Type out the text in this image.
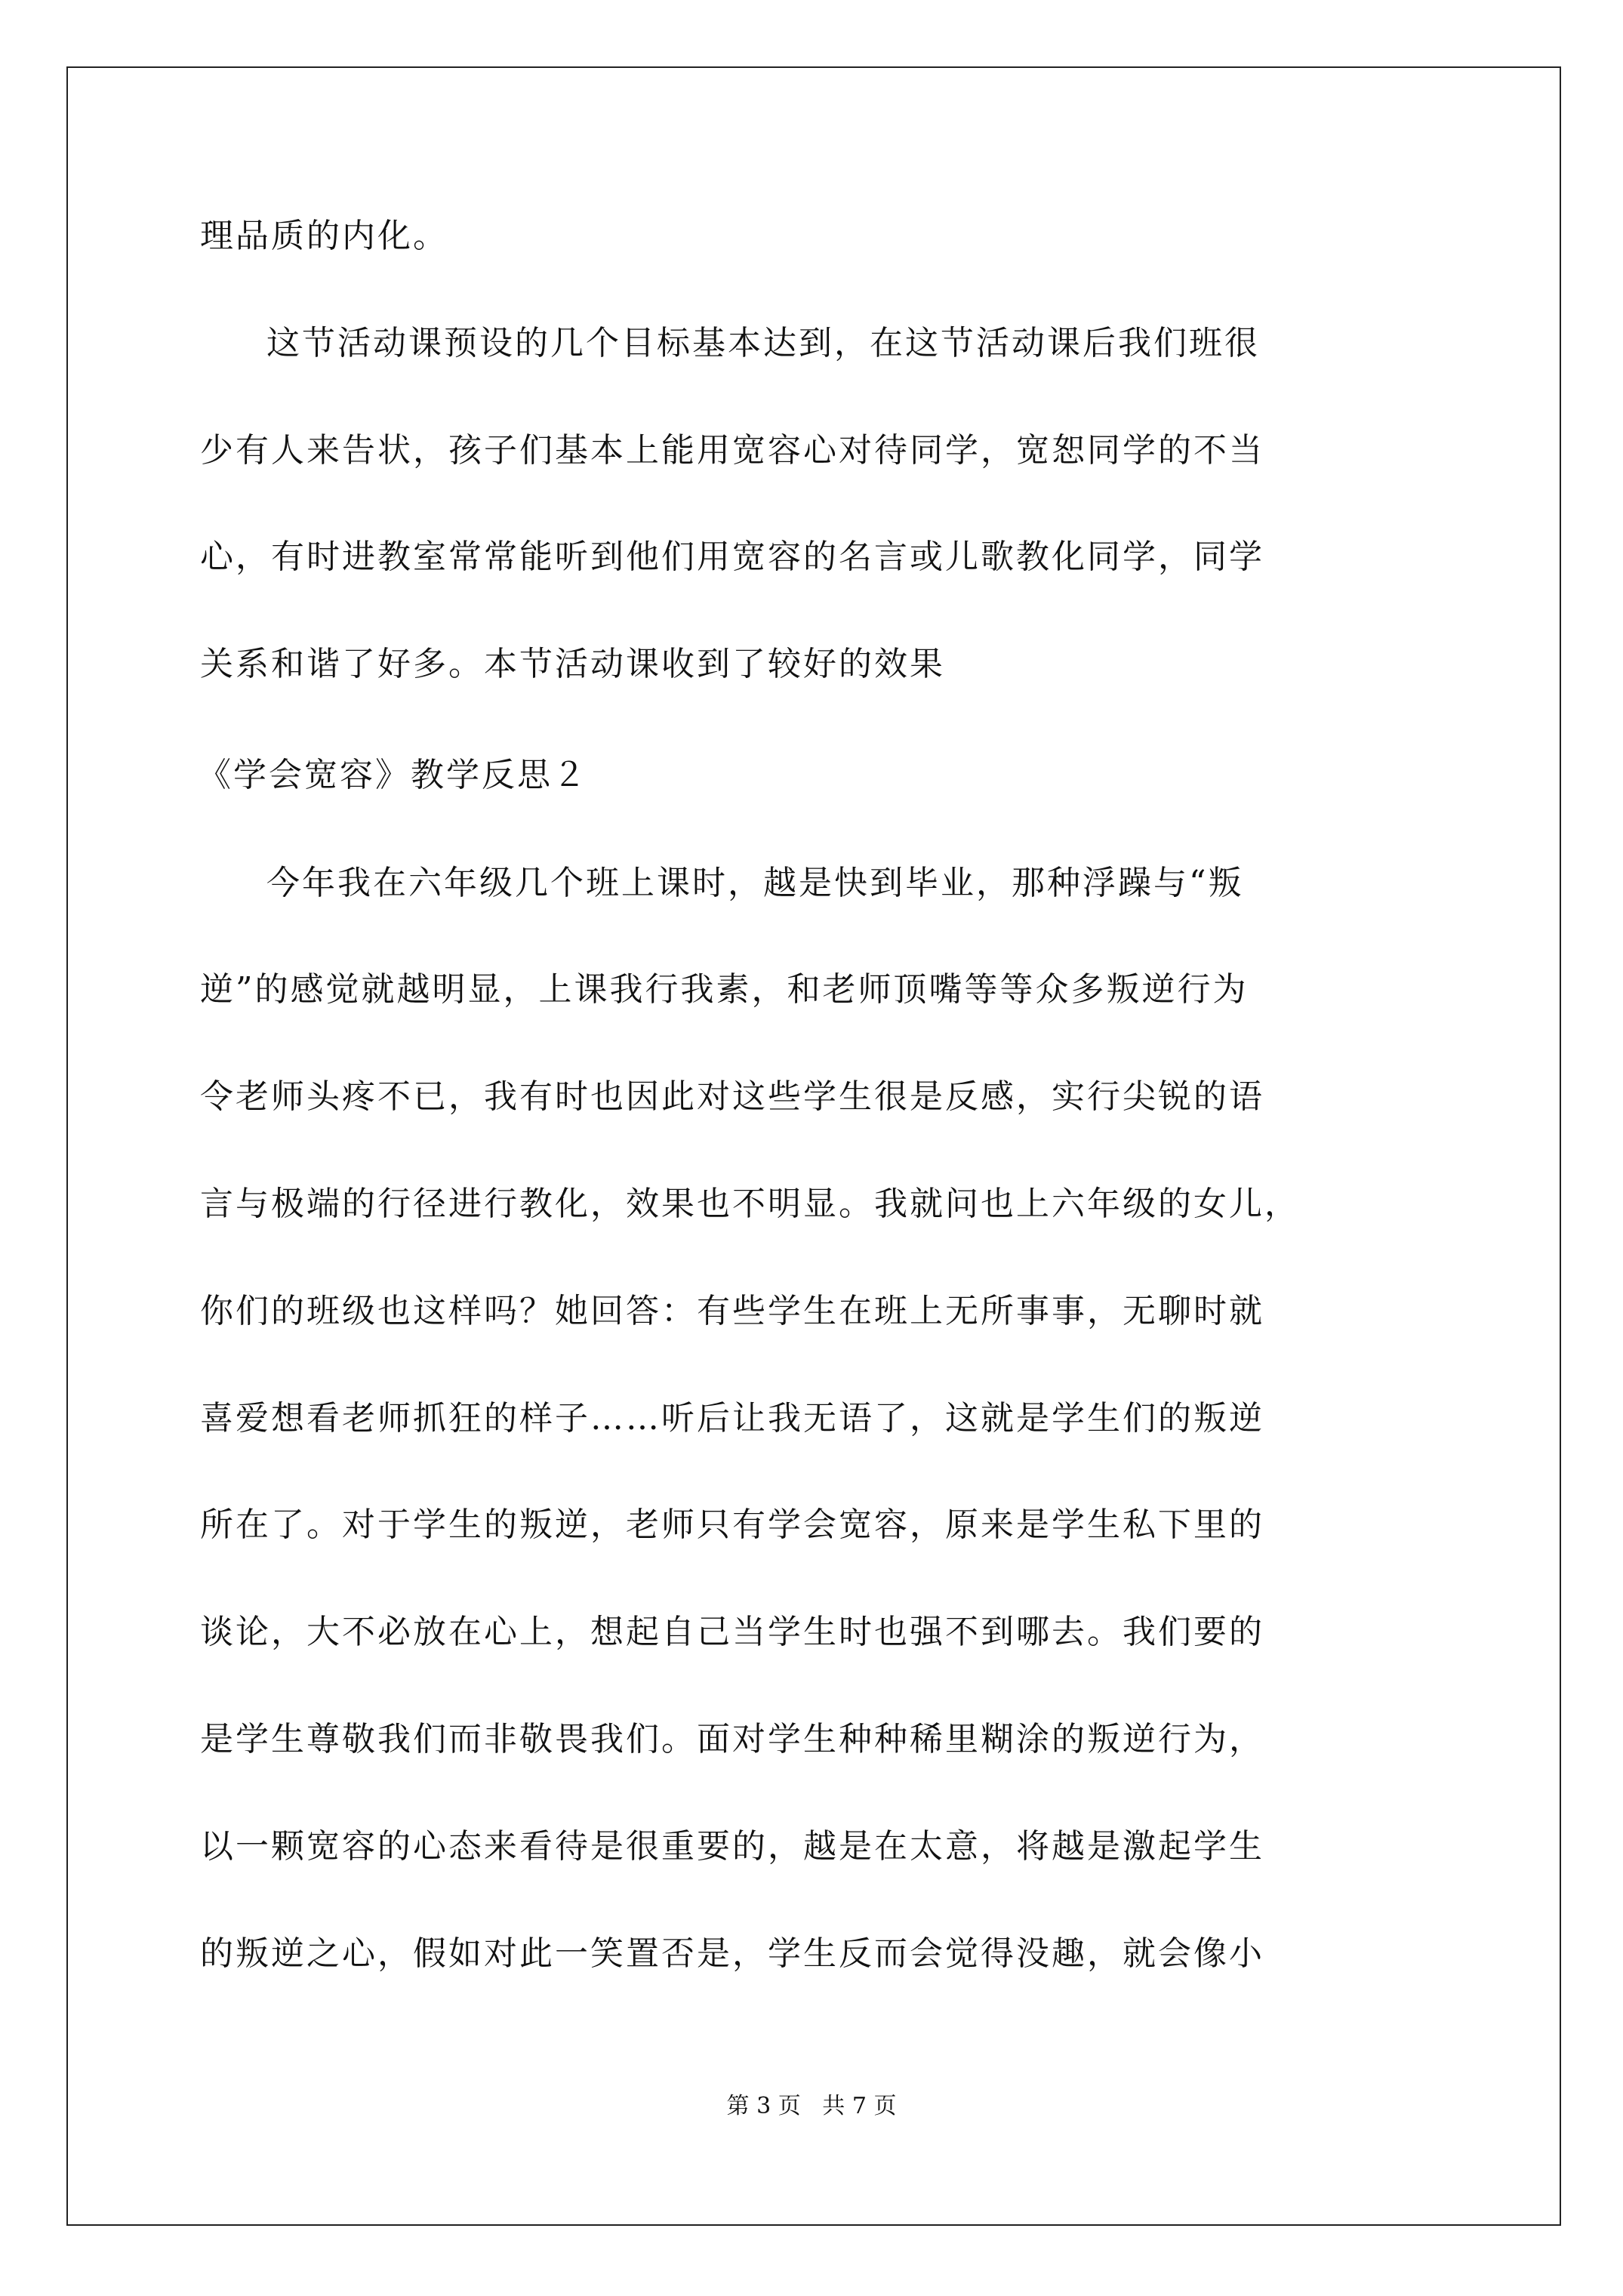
理品质的内化。
这节活动课预设的几个目标基本达到，在这节活动课后我们班很
少有人来告状，孩子们基本上能用宽容心对待同学，宽恕同学的不当
心，有时进教室常常能听到他们用宽容的名言或儿歌教化同学，同学
关系和谐了好多。本节活动课收到了较好的效果
《学会宽容》教学反思２
今年我在六年级几个班上课时，越是快到毕业，那种浮躁与“叛
逆”的感觉就越明显，上课我行我素，和老师顶嘴等等众多叛逆行为
令老师头疼不已，我有时也因此对这些学生很是反感，实行尖锐的语
言与极端的行径进行教化，效果也不明显。我就问也上六年级的女儿，
你们的班级也这样吗？她回答：有些学生在班上无所事事，无聊时就
喜爱想看老师抓狂的样子……听后让我无语了，这就是学生们的叛逆
所在了。对于学生的叛逆，老师只有学会宽容，原来是学生私下里的
谈论，大不必放在心上，想起自己当学生时也强不到哪去。我们要的
是学生尊敬我们而非敬畏我们。面对学生种种稀里糊涂的叛逆行为，
以一颗宽容的心态来看待是很重要的，越是在太意，将越是激起学生
的叛逆之心，假如对此一笑置否是，学生反而会觉得没趣，就会像小
第 3 页   共 7 页
